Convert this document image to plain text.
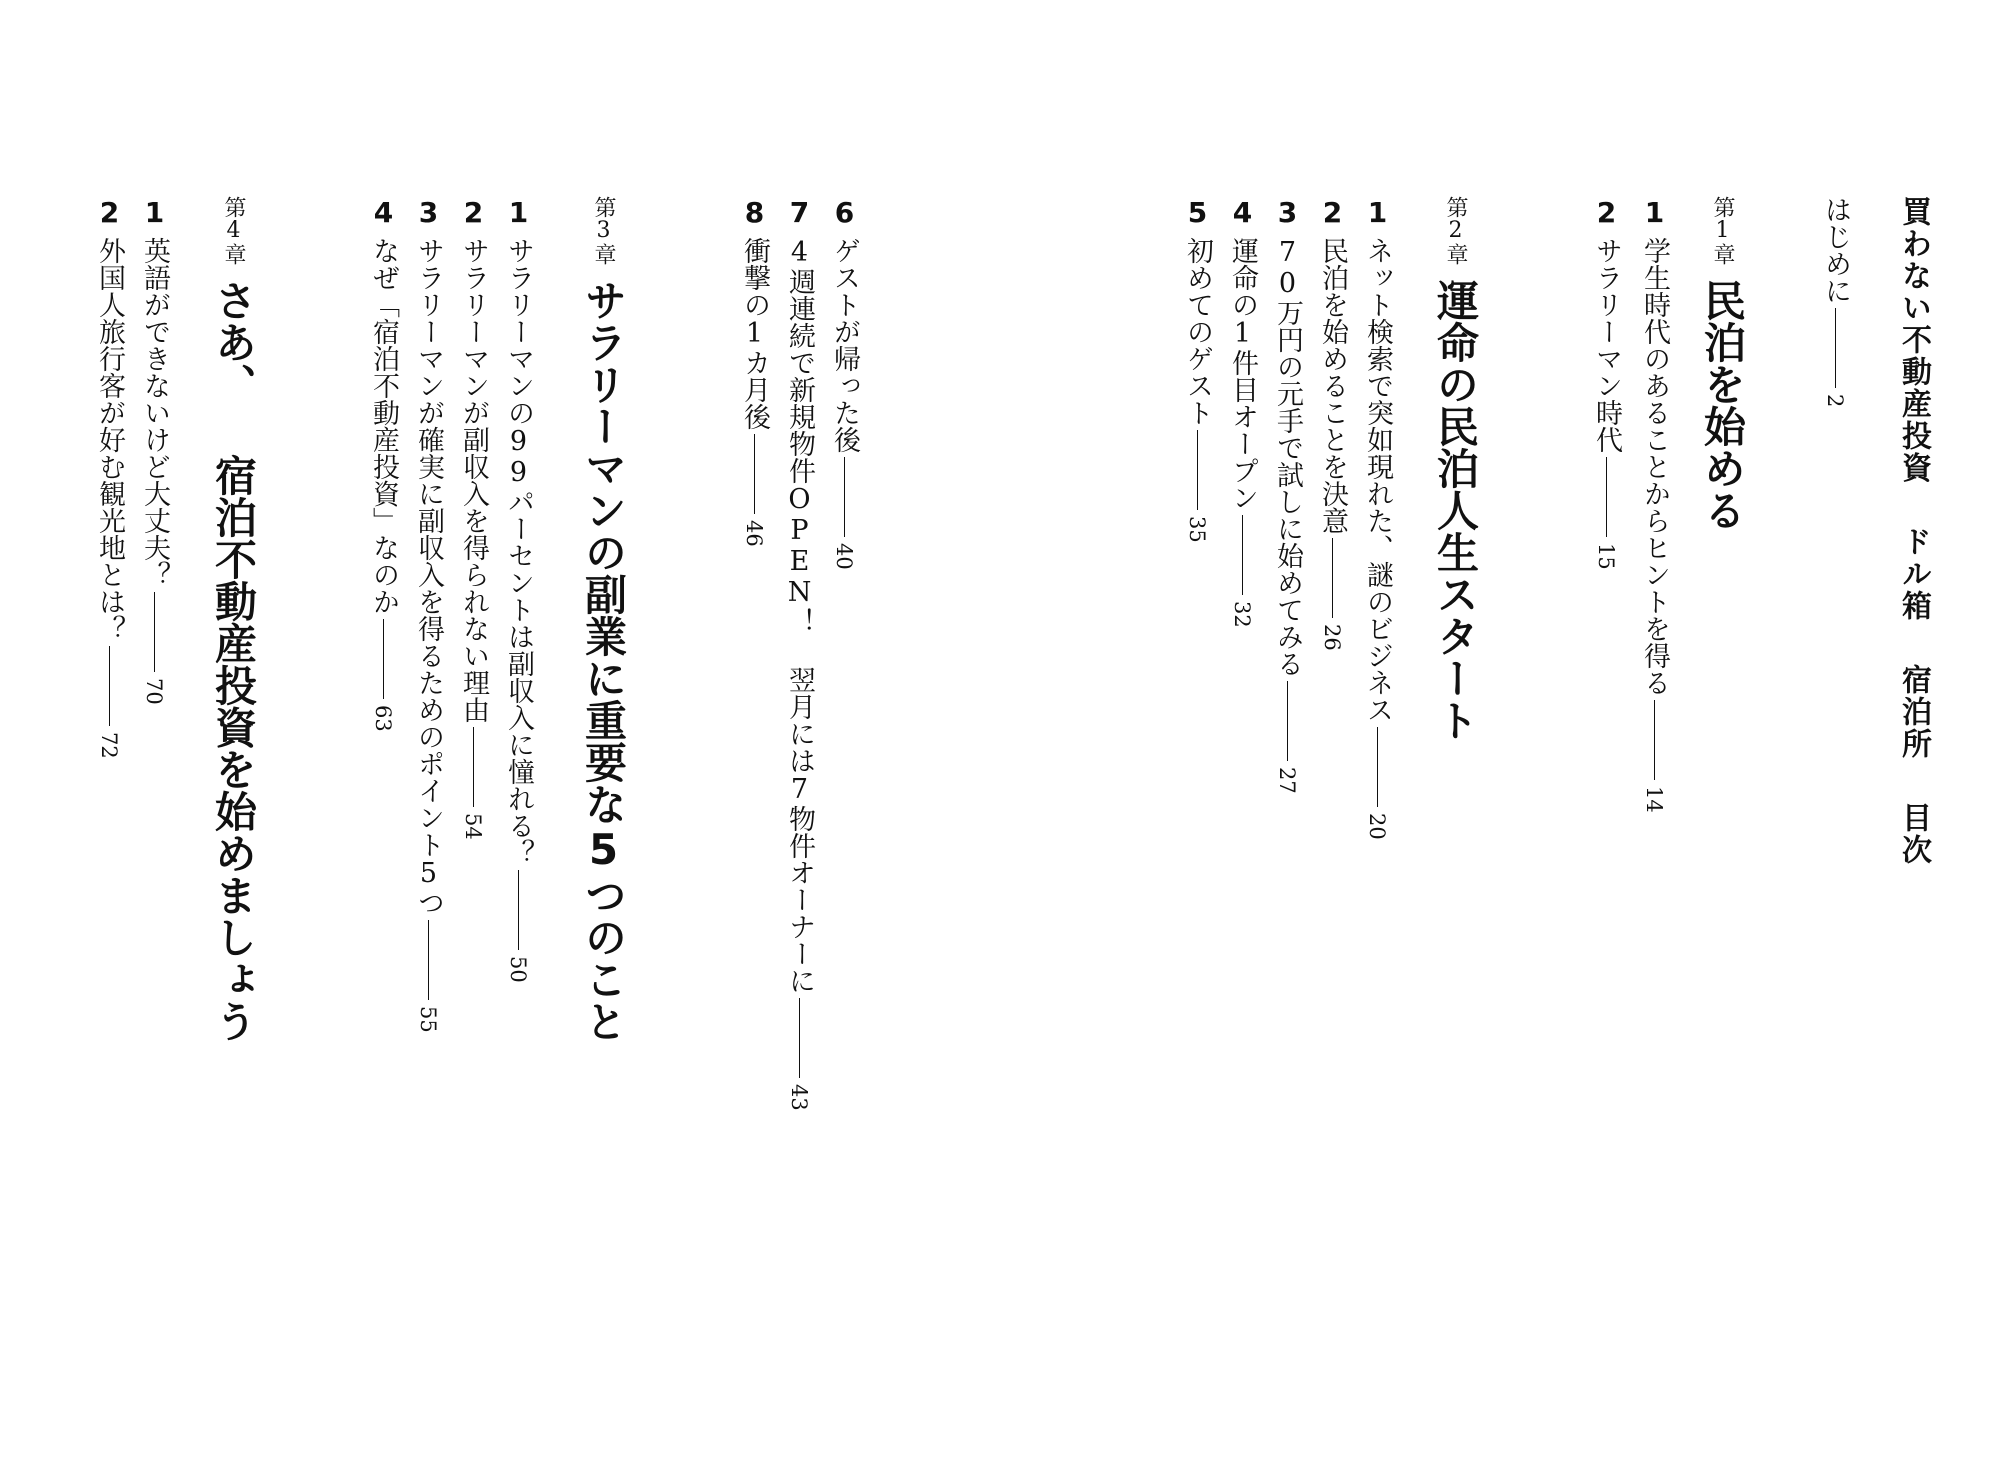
買わない不動産投資ドル箱宿泊所目次
はじめに2
第1章民泊を始める
1学生時代のあることからヒントを得る14
2サラリーマン時代15
第2章運命の民泊人生スタート
1ネット検索で突如現れた、謎のビジネス20
2民泊を始めることを決意26
370万円の元手で試しに始めてみる27
4運命の1件目オープン32
5初めてのゲスト35
6ゲストが帰った後40
74週連続で新規物件OPEN！ 翌月には7物件オーナーに43
8衝撃の1カ月後46
第3章サラリーマンの副業に重要な5つのこと
1サラリーマンの99パーセントは副収入に憧れる？50
2サラリーマンが副収入を得られない理由54
3サラリーマンが確実に副収入を得るためのポイント5つ55
4なぜ「宿泊不動産投資」なのか63
第4章さあ、 宿泊不動産投資を始めましょう
1英語ができないけど大丈夫？70
2外国人旅行客が好む観光地とは？72
